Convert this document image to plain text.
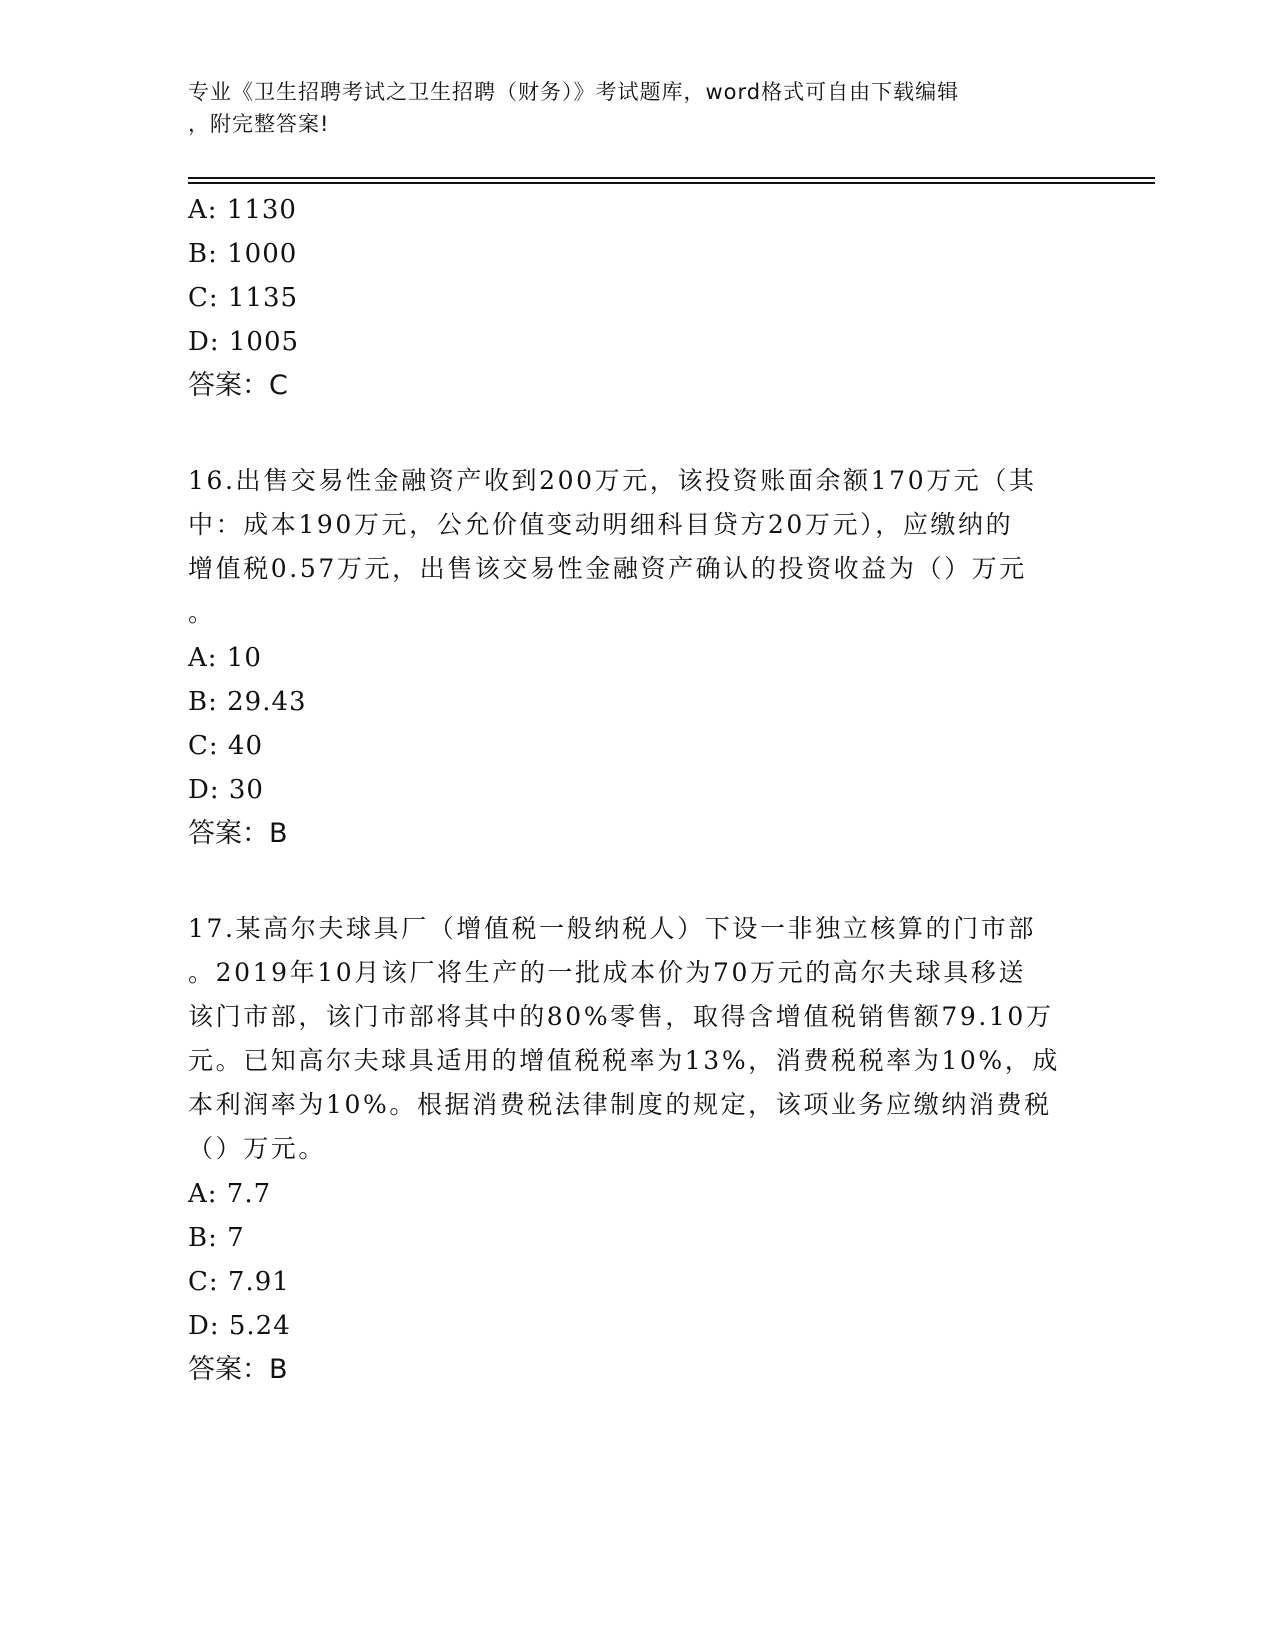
专业《卫生招聘考试之卫生招聘（财务）》考试题库，word格式可自由下载编辑
，附完整答案!
A: 1130
B: 1000
C: 1135
D: 1005
答案：C
16.出售交易性金融资产收到200万元，该投资账面余额170万元（其
中：成本190万元，公允价值变动明细科目贷方20万元），应缴纳的
增值税0.57万元，出售该交易性金融资产确认的投资收益为（）万元
。
A: 10
B: 29.43
C: 40
D: 30
答案：B
17.某高尔夫球具厂（增值税一般纳税人）下设一非独立核算的门市部
。2019年10月该厂将生产的一批成本价为70万元的高尔夫球具移送
该门市部，该门市部将其中的80%零售，取得含增值税销售额79.10万
元。已知高尔夫球具适用的增值税税率为13%，消费税税率为10%，成
本利润率为10%。根据消费税法律制度的规定，该项业务应缴纳消费税
（）万元。
A: 7.7
B: 7
C: 7.91
D: 5.24
答案：B
